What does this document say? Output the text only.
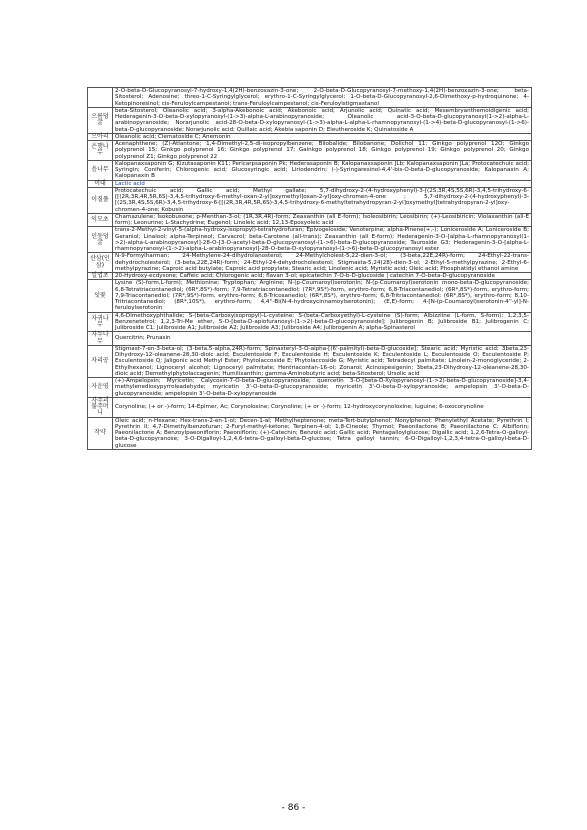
	2-O-beta-D-Glucopyranosyl-7-hydroxy-1,4(2H)-benzoxazin-3-one; 2-O-beta-D-Glucopyranosyl-7-methoxy-1,4(2H)-benzoxazin-3-one; beta-Sitosterol; Adenosine; threo-1-C-Syringylglycerol; erythro-1-C-Syringylglycerol; 1-O-beta-D-Glucopyranosyl-2,6-Dimethoxy-p-hydroquinone; 4-Ketopinoresinol; cis-Feruloylcampestanol; trans-Feruloylcampestanol; cis-Feruloylstigmastanol
으름덩굴	beta-Sitosterol; Oleanolic acid; 3-alpha-Akebonoic acid; Akebonoic acid; Arjunolic acid; Quinatic acid; Mesembryanthemoidigenic acid; Hederagenin-3-O-beta-D-xylopyranosyl-(1->3)-alpha-L-arabinopyranoside; Oleanolic acid-3-O-beta-D-glucopyranosyl(1->2)-alpha-L-arabinopyranoside; Norarjunolic acid-28-O-beta-D-xylopyranosyl-(1->3)-alpha-L-alpha-L-rhamnopyranosyl-(1->4)-beta-D-glucopyranosyl-(1->6)-beta-D-glucopyranoside; Norarjunolic acid; Quillaic acid; Akebia saponin D; Eleutheroside K; Quinatoside A
으아리	Oleanolic acid; Clematoside C; Anemonin
은행나무	Acenaphthene; (Z)-Atlantone; 1,4-Dimethyl-2,5-di-isopropylbenzene; Bilobalide; Bilobanone; Dolichol 11; Ginkgo polyprenol 12O; Ginkgo polyprenol 15; Ginkgo polyprenol 16; Ginkgo polyprenol 17; Gainkgo polyprenol 18; Ginkgo polyprenol 19; Ginkgo polyprenol 20; Ginkgo polyprenol Z1; Ginkgo polyprenol 22
음나무	Kalopanaxsaponin G; Kizutasaponin K11; Pericarpsaponin Pk; Hederasaponin B; Kalopanaxsaponin JLb; Kalopanaxsaponin JLa; Protocatechuic acid; Syringin; Coniferin; Chlorogenic acid; Glucosyringic acid; Liriodendrin; (-)-Syringaresinol-4,4'-bis-O-beta-D-glucopyranoside; Kalopanaxin A; Kalopanaxin B
이대	Lactic acid
이질풀	Protocatechuic acid; Gallic acid; Methyl gallate; 5,7-dihydroxy-2-(4-hydroxyphenyl)-3-[(2S,3R,4S,5S,6R)-3,4,5-trihydroxy-6-[[(2R,3R,4R,5R,6S)-3,4,5-trihydroxy-6-methyl-oxan-2-yl]oxymethyl]oxan-2-yl]oxy-chromen-4-one ; 5,7-dihydroxy-2-(4-hydroxyphenyl)-3-[(2S,3R,4S,5S,6R)-3,4,5-trihydroxy-6-[[(2R,3R,4R,5R,6S)-3,4,5-trihydroxy-6-methyltetrahydropyran-2-yl]oxymethyl]tetrahydropyran-2-yl]oxy-chromen-4-one; Kobusin
익모초	Chamazulene; Isokobusone; p-Menthan-3-ol; (1R,3R,4R)-form; Zeaxanthin (all E-form); Isoleosibirin; Leosibirin; (+)-Leosibiricin; Violaxanthin (all-E form); Leonurine; L-Stachydrine; Eugenol; Linoleic acid; 12,13-Epoxyoleic acid
인동덩굴	trans-2-Methyl-2-vinyl-5-(alpha-hydroxy-isopropyl)-tetrahydrofuran; Epivogeloside; Venoterpine; alpha-Pinene(+,-); Loniceroside A; Loniceroside B; Geraniol; Linalool; alpha-Terpineol; Carvacrol; beta-Carotene (all-trans); Zeaxanthin (all E-form); Hederagenin-3-O-[alpha-L-rhamnopyranosyl(1->2)-alpha-L-arabinopyranosyl]-28-O-[3-O-acetyl-beta-D-glucopyranosyl-(1->6)-beta-D-glucopyranoside; Tauroside G3; Hederagenin-3-O-[alpha-L-rhamnopyranosyl-(1->2)-alpha-L-arabinopyranosyl]-28-O-beta-D-xylopyranosyl-(1->6)-beta-D-glucopyranosyl ester
산삼(인삼)	N-9-Formylharman; 24-Methylene-24-dihydrolanosterol; 24-Methylcholest-5,22-dien-3-ol; (3-beta,22E,24R)-form; 24-Ethyl-22-trans-dehydrocholesterol; (3-beta,22E,24R)-form; 24-Ethyl-24-dehydrocholesterol; Stigmasta-5,24(28)-dien-3-ol; 2-Ethyl-5-methylpyrazine; 2-Ethyl-6-methylpyrazine; Caproic acid butylate; Caproic acid propylate; Stearic acid; Linolenic acid; Myristic acid; Oleic acid; Phosphatidyl ethanol amine
일엽초	20-Hydroxy-ecdysone; Caffeic acid; Chlorogenic acid; flavan 3-ol; epicatechin 7-O-b-D-glucoside | catechin 7-O-beta-D-glucopyranoside
잇꽃	Lysine (S)-form,L-form); Methionine; Tryptophan; Arginine; N-(p-Coumaroyl)serotonin; N-(p-Coumaroyl)serotonin mono-beta-D-glucopyranoside; 6,8-Tetratriacontanediol; (6R*,8S*)-form; 7,9-Tetratriacontanediol; (7R*,9S*)-form, erythro-form; 6,8-Triacontanediol; (6R*,8S*)-form, erythro-form; 7,9-Triacontanediol; (7R*,9S*)-form, erythro-form; 6,8-Tricosanediol; (6R*,8S*), erythro-form; 6,8-Tritriacontanediol; (6R*,8S*), erythro-form; 8,10-Tritriacontanediol; (8R*,10S*), erythro-form; 4,4''-Bi(N-4-hydroxycinnamoylserotonin); (E,E)-form; 4-[N-(p-Coumaroyl)serotonin-4''-yl]-N-feruloylserotonin
자귀나무	4,6-Dimethoxyphthalide; S-(beta-Carboxyisopropyl)-L-cysteine; S-(beta-Carboxyethyl)-L-cysteine (S)-form; Albizziine (L-form, S-form); 1,2,3,5-Benzenetetrol; 1,2,3-Tri-Me ether, 5-O-[beta-D-apiofuranosyl-(1->2)-beta-D-glucopyranoside]; Julibrogenin B; Julibroside B1; Julibrogenin C; Julibroside C1; Julibroside A1; Julibroside A2; Julibroside A3; Julibroside A4; Julibrogenin A; alpha-Spinasterol
자두나무	Quercitrin; Prunasin
자리공	Stigmast-7-en-3-beta-ol; (3-beta,5-alpha,24R)-form; Spinasteryl-3-O-alpha-[(6'-palmityl)-beta-D-glucoside]; Stearic acid; Myristic acid; 3beta,23-Dihydroxy-12-oleanene-28,30-dioic acid; Esculentoside F; Esculentoside H; Esculentoside K; Esculentoside L; Esculentoside O; Esculentoside P; Esculentoside Q; Jaligonic acid Methyl Ester; Phytolaccoside E; Phytolaccoside G; Myristic acid; Tetradecyl palmitate; Linolein-2-monoglyceride; 2-Ethylhexanol; Lignoceryl alcohol; Lignoceryl palmitate; Hentriacontan-16-ol; Zonarol; Acinospesigenin; 3beta,23-Dihydroxy-12-oleanene-28,30-dioic acid; Demethylphytolaccagenin; Humilixanthin; gamma-Aminobutyric acid; beta-Sitosterol; Ursolic acid
자운영	(+)-Ampelopsin; Myricetin; Calycosin-7-O-beta-D-glucopyranoside; quercetin 3-O-[beta-D-Xylopyranosyl-(1->2)-beta-D-glucopyranoside]-3,4-methylenedioxypyrroleadehyde; myricetin 3'-O-beta-D-glucopyranoside; myricetin 3'-O-beta-D-xylopyranoside; ampelopsin 3'-O-beta-D-glucopyranoside; ampelopsin 3'-O-beta-D-xylopyranoside
자주괴불주머니	Corynoline; (+ or -)-form; 14-Epimer, Ac; Corynoloxine; Corynoline; (+ or -)-form; 12-hydroxycorynoloxine; luguine; 6-oxocorynoline
작약	Oleic acid; n-Hexane; Hex-trans-2-en-1-ol; Decen-1-al; Methylheptenone; meta-Tert-butylphenol; Nonylphenol; Phenylethyl Acetate; Pyrethrin I; Pyrethrin II; 4,7-Dimethylbenzofuran; 2-Furyl-methyl-ketone; Terpinen-4-ol; 1,8-Cineole; Thymol; Paeonilactone B; Paeonilactone C; Albiflorin; Paeonilactone A; Benzoylpaeoniflorin; Paeoniflorin; (+)-Catechin; Benzoic acid; Gallic acid; Pentagalloylglucose; Digallic acid; 1,2,6-Tetra-O-galloyl-beta-D-glucopyranose; 3-O-Digalloyl-1,2,4,6-tetra-O-galloyl-beta-D-glucose; Tetra galloyl tannin; 6-O-Digalloyl-1,2,3,4-tetra-O-galloyl-beta-D-glucose
- 86 -
